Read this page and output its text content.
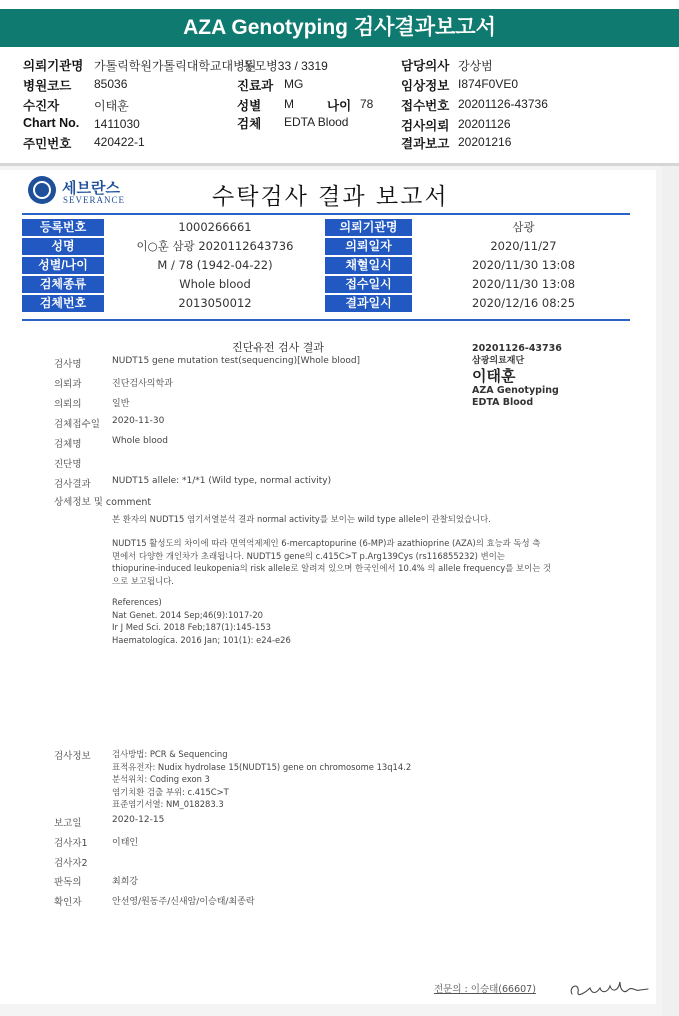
AZA Genotyping 검사결과보고서
의뢰기관명 가톨릭학원가톨릭대학교대병원
동모병33 / 3319	담당의사 강상범
병원코드 85036	진료과 MG	임상정보 I874F0VE0
수진자	이태훈	성별 M	나이 78 접수번호 20201126-43736
Chart No. 1411030	검체 EDTA Blood	검사의뢰 20201126
주민번호 420422-1	결과보고 20201216
세브란스
SEVERANCE	수탁검사 결과 보고서
등록번호	1000266661	의뢰기관명	삼광
성명	이○훈 삼광 2020112643736	의뢰일자	2020/11/27
성별/나이	M / 78 (1942-04-22)	채혈일시	2020/11/30 13:08
검체종류	Whole blood	접수일시	2020/11/30 13:08
검체번호	2013050012	결과일시	2020/12/16 08:25
진단유전 검사 결과	20201126-43736
삼광의료재단
이태훈
AZA Genotyping
EDTA Blood
검사명	NUDT15 gene mutation test(sequencing)[Whole blood]
의뢰과	진단검사의학과
의뢰의	일반
검체접수일 2020-11-30
검체명	Whole blood
진단명
검사결과 NUDT15 allele: *1/*1 (Wild type, normal activity)
상세정보 및 comment
본 환자의 NUDT15 염기서열분석 결과 normal activity를 보이는 wild type allele이 관찰되었습니다.
NUDT15 활성도의 차이에 따라 면역억제제인 6-mercaptopurine (6-MP)과 azathioprine (AZA)의 효능과 독성 측
면에서 다양한 개인차가 초래됩니다. NUDT15 gene의 c.415C>T p.Arg139Cys (rs116855232) 변이는
thiopurine-induced leukopenia의 risk allele로 알려져 있으며 한국인에서 10.4% 의 allele frequency를 보이는 것
으로 보고됩니다.
References)
Nat Genet. 2014 Sep;46(9):1017-20
Ir J Med Sci. 2018 Feb;187(1):145-153
Haematologica. 2016 Jan; 101(1): e24-e26
검사정보	검사방법: PCR & Sequencing
표적유전자: Nudix hydrolase 15(NUDT15) gene on chromosome 13q14.2
분석위치: Coding exon 3
염기치환 검출 부위: c.415C>T
표준염기서열: NM_018283.3
보고일	2020-12-15
검사자1	이태인
검사자2
판독의	최희강
확인자	안선영/원동주/신새암/이승태/최종락
전문의 : 이승태(66607)
